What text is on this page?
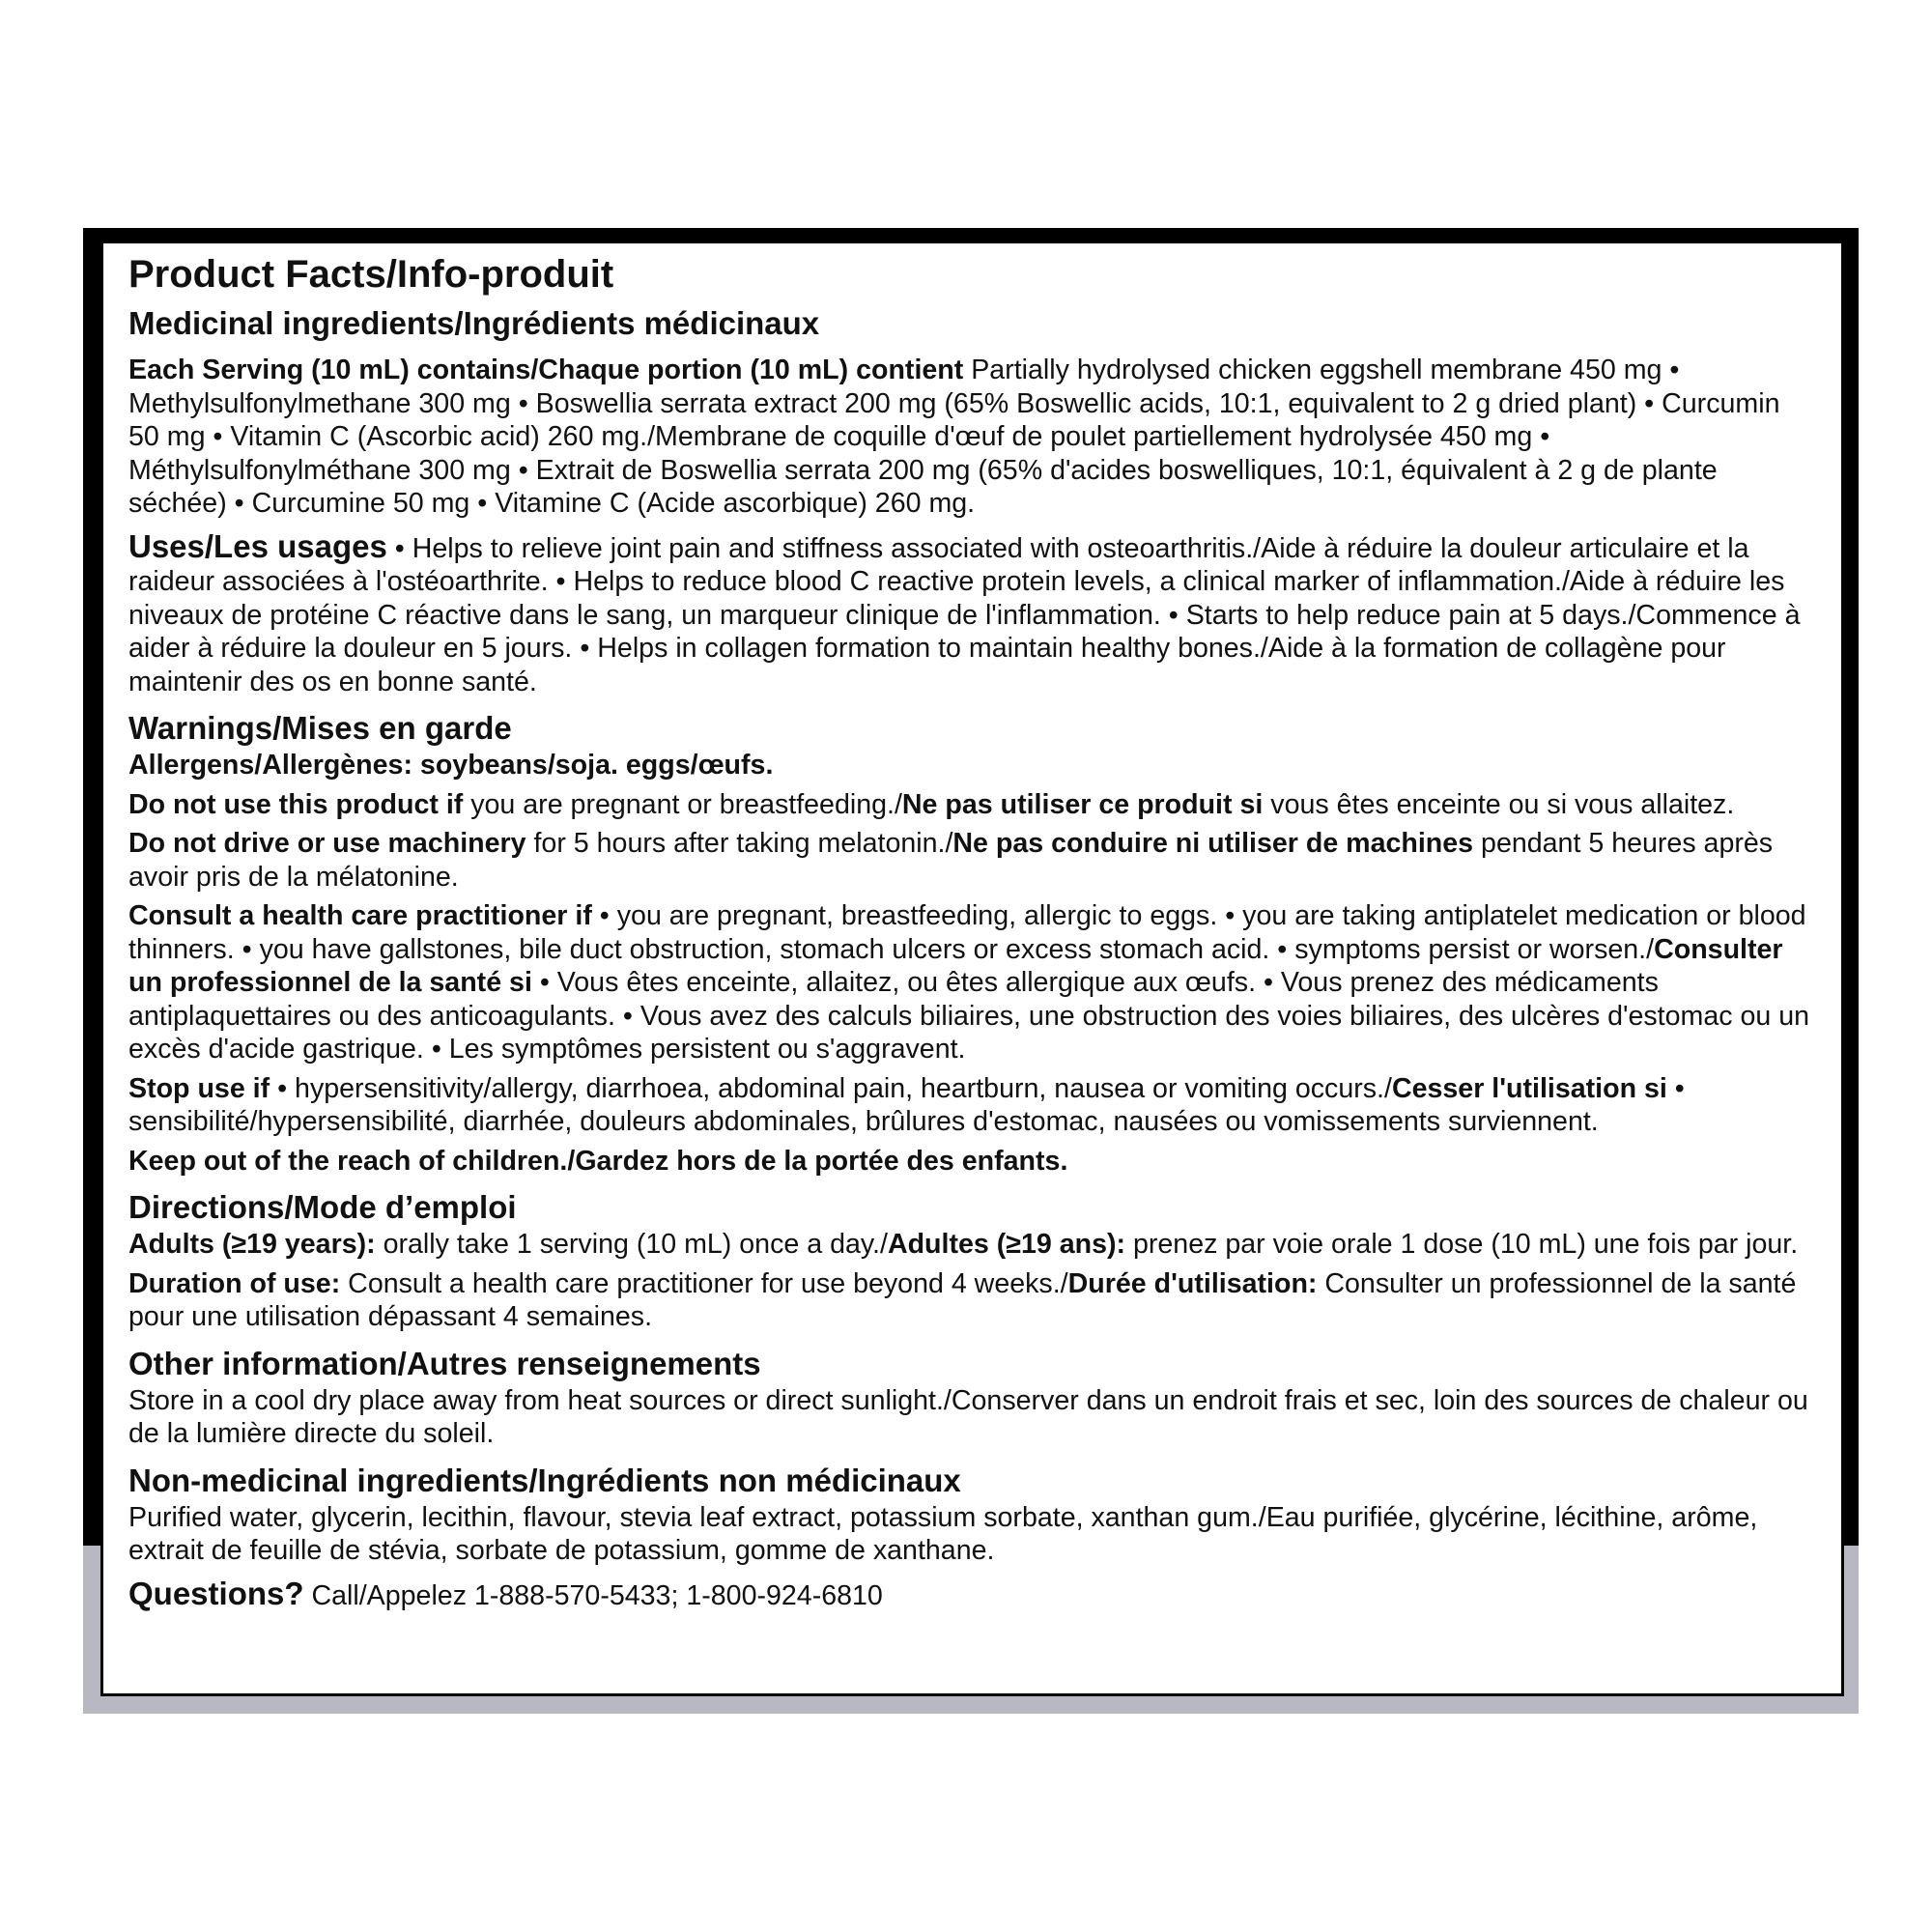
Product Facts/Info-produit
Medicinal ingredients/Ingrédients médicinaux

Each Serving (10 mL) contains/Chaque portion (10 mL) contient Partially hydrolysed chicken eggshell membrane 450 mg • Methylsulfonylmethane 300 mg • Boswellia serrata extract 200 mg (65% Boswellic acids, 10:1, equivalent to 2 g dried plant) • Curcumin 50 mg • Vitamin C (Ascorbic acid) 260 mg./Membrane de coquille d'œuf de poulet partiellement hydrolysée 450 mg • Méthylsulfonylméthane 300 mg • Extrait de Boswellia serrata 200 mg (65% d'acides boswelliques, 10:1, équivalent à 2 g de plante séchée) • Curcumine 50 mg • Vitamine C (Acide ascorbique) 260 mg.

Uses/Les usages • Helps to relieve joint pain and stiffness associated with osteoarthritis./Aide à réduire la douleur articulaire et la raideur associées à l'ostéoarthrite. • Helps to reduce blood C reactive protein levels, a clinical marker of inflammation./Aide à réduire les niveaux de protéine C réactive dans le sang, un marqueur clinique de l'inflammation. • Starts to help reduce pain at 5 days./Commence à aider à réduire la douleur en 5 jours. • Helps in collagen formation to maintain healthy bones./Aide à la formation de collagène pour maintenir des os en bonne santé.

Warnings/Mises en garde

Allergens/Allergènes: soybeans/soja. eggs/œufs.

Do not use this product if you are pregnant or breastfeeding./Ne pas utiliser ce produit si vous êtes enceinte ou si vous allaitez.

Do not drive or use machinery for 5 hours after taking melatonin./Ne pas conduire ni utiliser de machines pendant 5 heures après avoir pris de la mélatonine.

Consult a health care practitioner if • you are pregnant, breastfeeding, allergic to eggs. • you are taking antiplatelet medication or blood thinners. • you have gallstones, bile duct obstruction, stomach ulcers or excess stomach acid. • symptoms persist or worsen./Consulter un professionnel de la santé si • Vous êtes enceinte, allaitez, ou êtes allergique aux œufs. • Vous prenez des médicaments antiplaquettaires ou des anticoagulants. • Vous avez des calculs biliaires, une obstruction des voies biliaires, des ulcères d'estomac ou un excès d'acide gastrique. • Les symptômes persistent ou s'aggravent.

Stop use if • hypersensitivity/allergy, diarrhoea, abdominal pain, heartburn, nausea or vomiting occurs./Cesser l'utilisation si • sensibilité/hypersensibilité, diarrhée, douleurs abdominales, brûlures d'estomac, nausées ou vomissements surviennent.

Keep out of the reach of children./Gardez hors de la portée des enfants.

Directions/Mode d’emploi

Adults (≥19 years): orally take 1 serving (10 mL) once a day./Adultes (≥19 ans): prenez par voie orale 1 dose (10 mL) une fois par jour.

Duration of use: Consult a health care practitioner for use beyond 4 weeks./Durée d'utilisation: Consulter un professionnel de la santé pour une utilisation dépassant 4 semaines.

Other information/Autres renseignements

Store in a cool dry place away from heat sources or direct sunlight./Conserver dans un endroit frais et sec, loin des sources de chaleur ou de la lumière directe du soleil.

Non-medicinal ingredients/Ingrédients non médicinaux

Purified water, glycerin, lecithin, flavour, stevia leaf extract, potassium sorbate, xanthan gum./Eau purifiée, glycérine, lécithine, arôme, extrait de feuille de stévia, sorbate de potassium, gomme de xanthane.

Questions? Call/Appelez 1-888-570-5433; 1-800-924-6810
